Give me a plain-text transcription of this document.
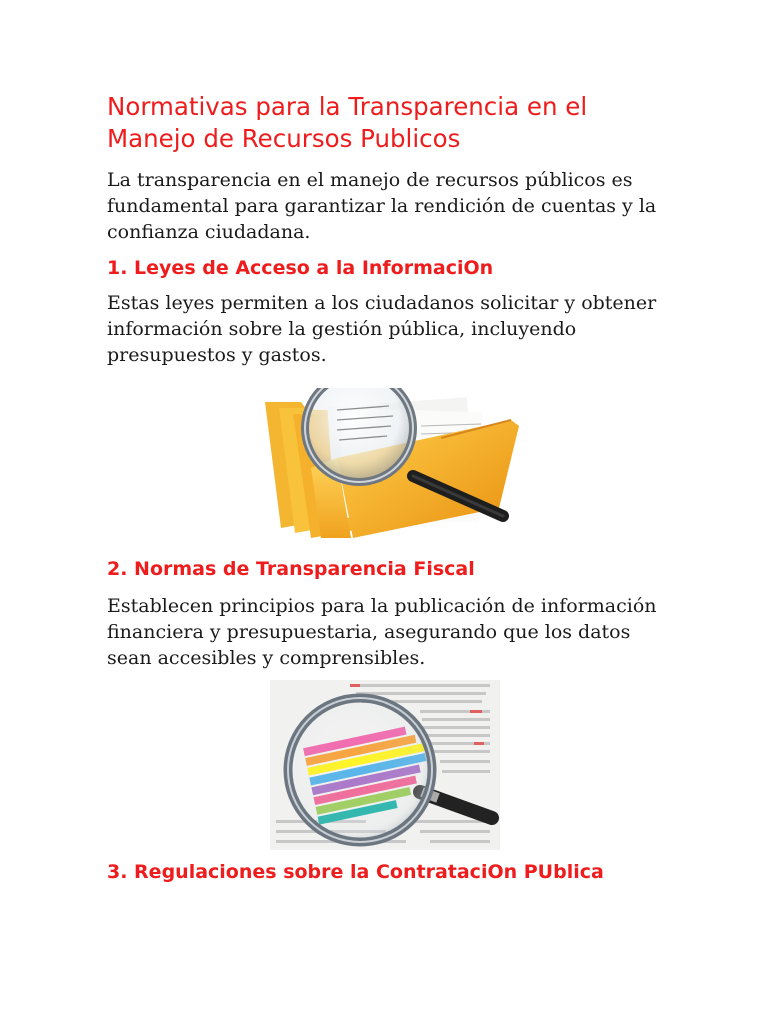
Normativas para la Transparencia en el Manejo de Recursos Publicos

La transparencia en el manejo de recursos públicos es fundamental para garantizar la rendición de cuentas y la confianza ciudadana.

1. Leyes de Acceso a la InformaciOn

Estas leyes permiten a los ciudadanos solicitar y obtener información sobre la gestión pública, incluyendo presupuestos y gastos.

2. Normas de Transparencia Fiscal

Establecen principios para la publicación de información financiera y presupuestaria, asegurando que los datos sean accesibles y comprensibles.

3. Regulaciones sobre la ContrataciOn PUblica
